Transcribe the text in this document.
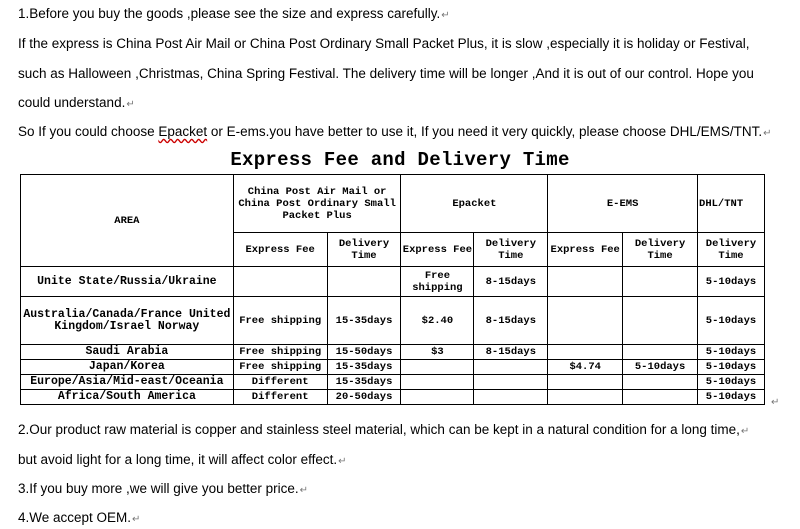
1.Before you buy the goods ,please see the size and express carefully.↵
If the express is China Post Air Mail or China Post Ordinary Small Packet Plus, it is slow ,especially it is holiday or Festival,
such as Halloween ,Christmas, China Spring Festival. The delivery time will be longer ,And it is out of our control. Hope you
could understand.↵
So If you could choose Epacket or E-ems.you have better to use it, If you need it very quickly, please choose DHL/EMS/TNT.↵
Express Fee and Delivery Time
AREA	China Post Air Mail or China Post Ordinary Small Packet Plus		Epacket		E-EMS		DHL/TNT
	Express Fee	Delivery Time	Express Fee	Delivery Time	Express Fee	Delivery Time	Delivery Time
Unite State/Russia/Ukraine			Free shipping	8-15days			5-10days
Australia/Canada/France United Kingdom/Israel Norway	Free shipping	15-35days	$2.40	8-15days			5-10days
Saudi Arabia	Free shipping	15-50days	$3	8-15days			5-10days
Japan/Korea	Free shipping	15-35days			$4.74	5-10days	5-10days
Europe/Asia/Mid-east/Oceania	Different	15-35days					5-10days
Africa/South America	Different	20-50days					5-10days ↵
2.Our product raw material is copper and stainless steel material, which can be kept in a natural condition for a long time,↵
but avoid light for a long time, it will affect color effect.↵
3.If you buy more ,we will give you better price.↵
4.We accept OEM.↵
